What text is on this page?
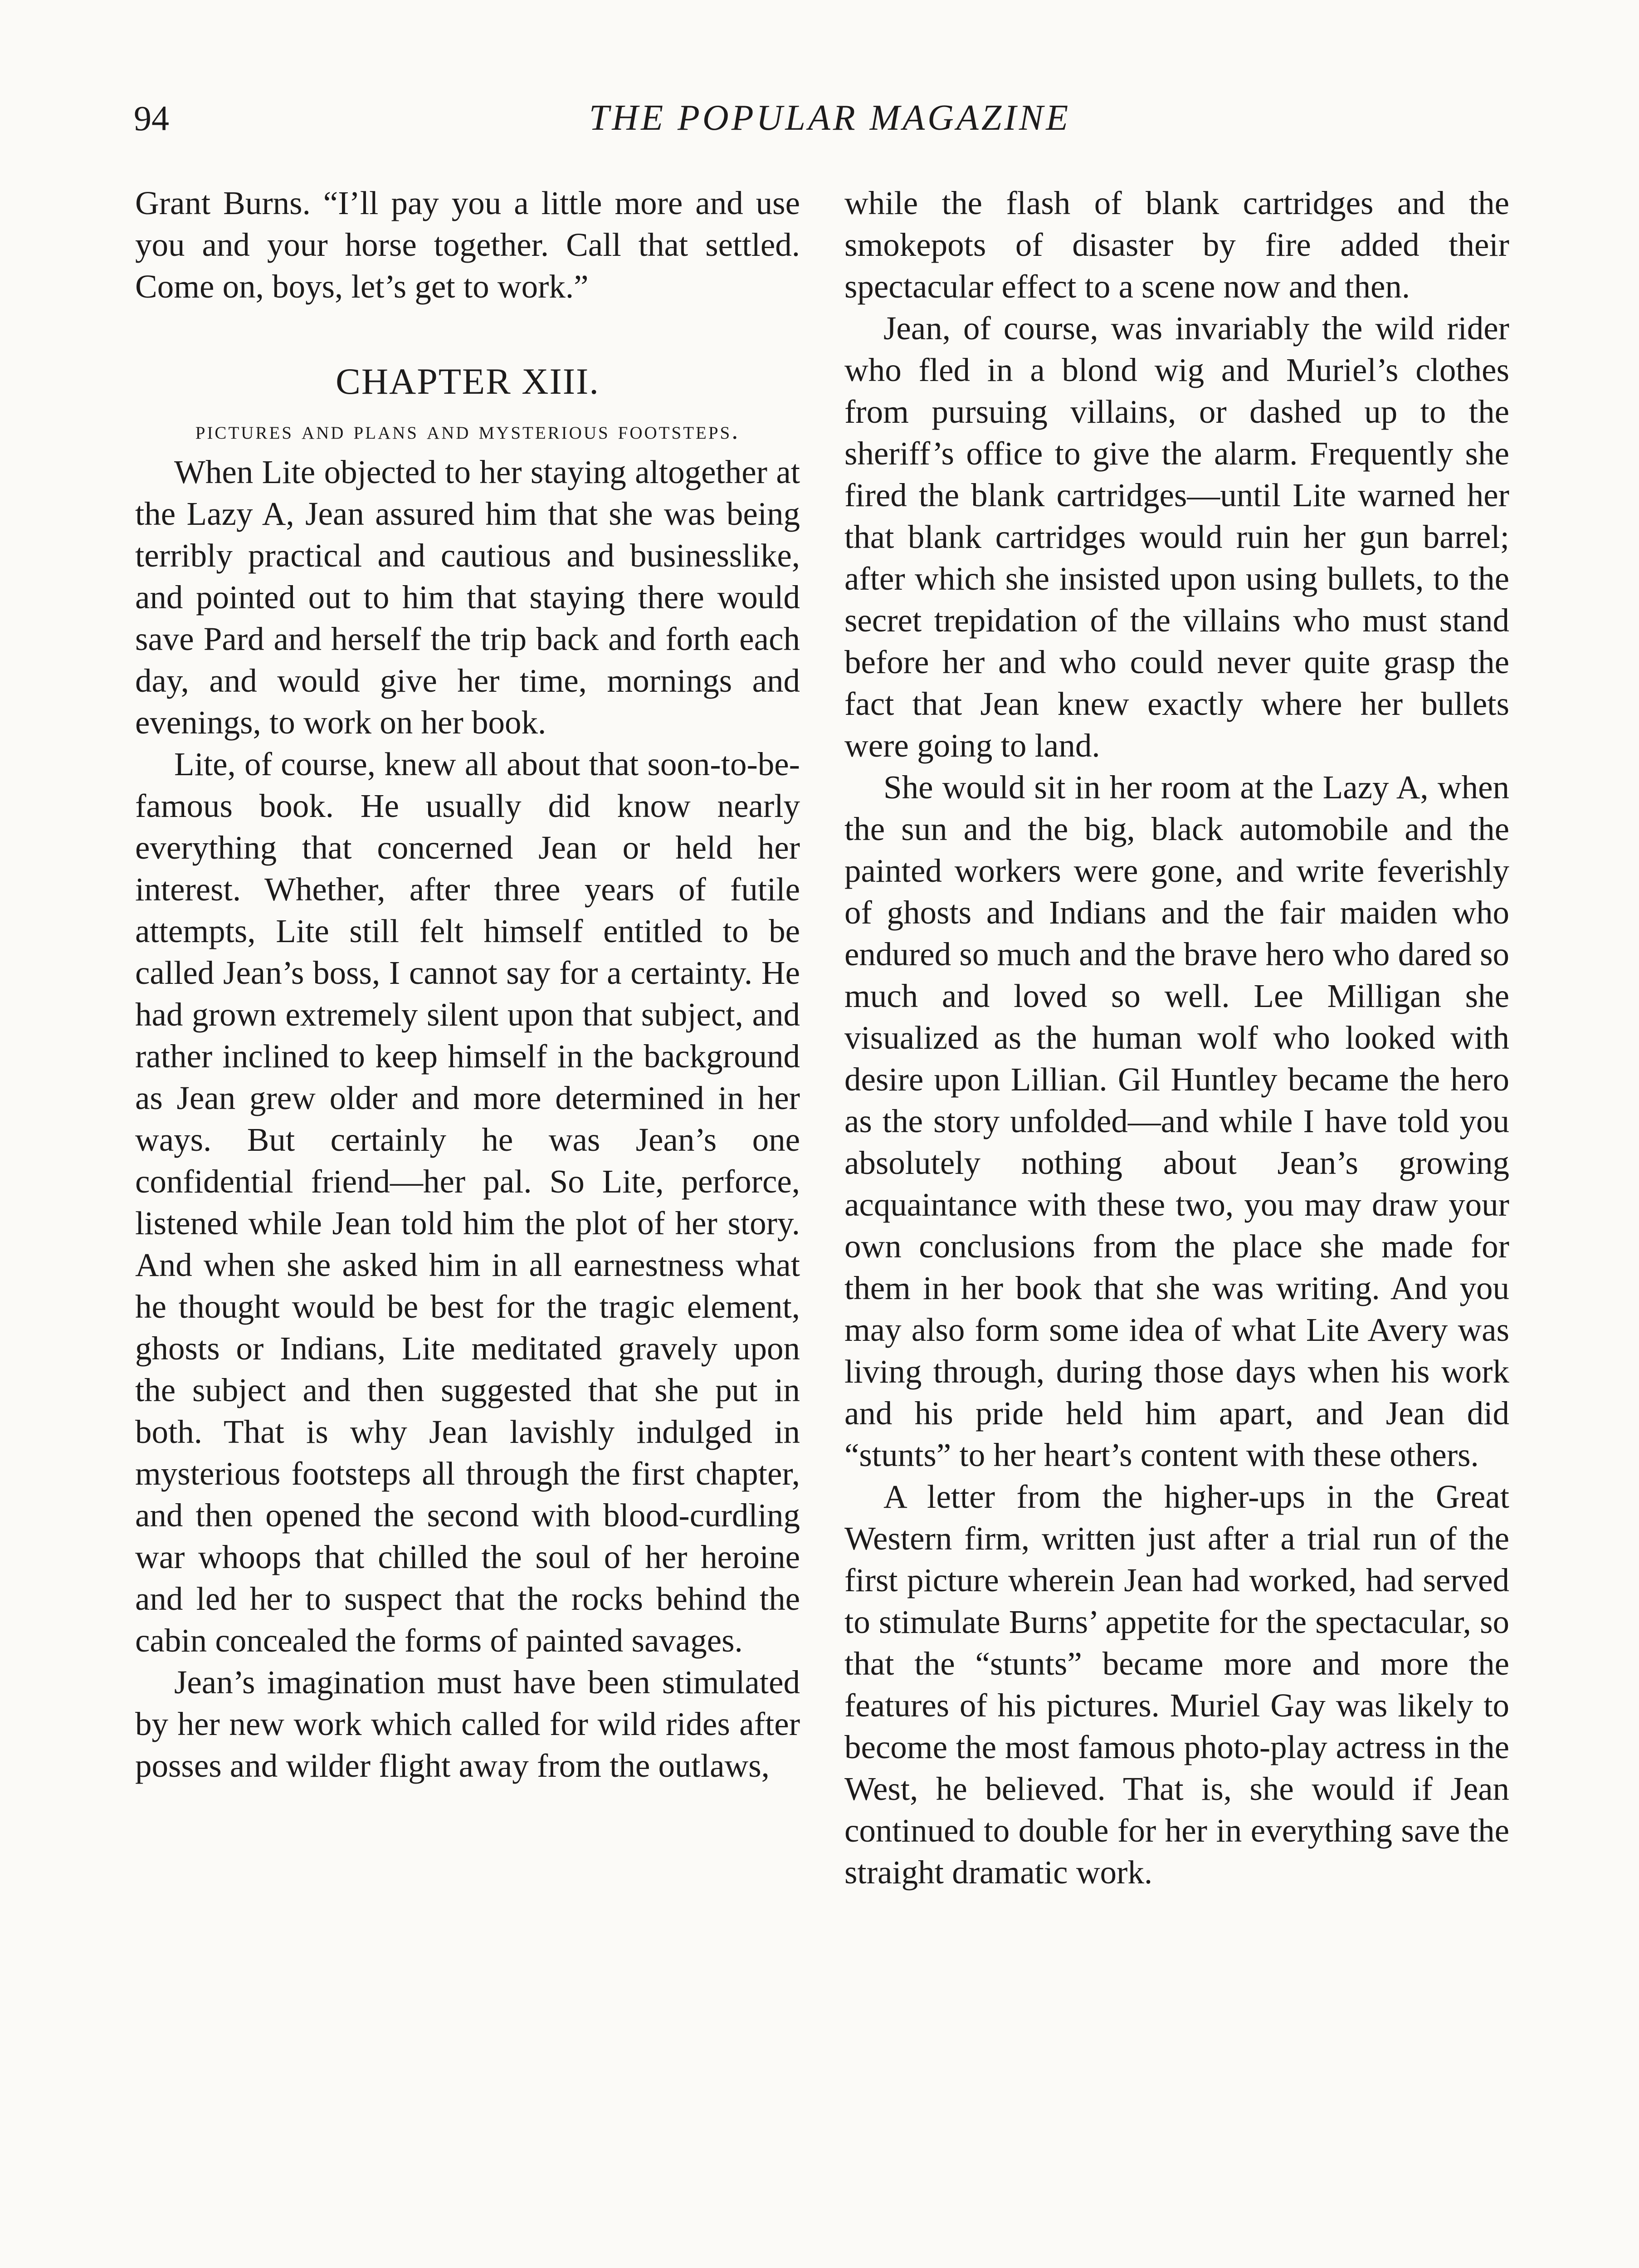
94	THE POPULAR MAGAZINE

Grant Burns. “I’ll pay you a little more and use you and your horse together. Call that settled. Come on, boys, let’s get to work.”

CHAPTER XIII.
pictures and plans and mysterious footsteps.

When Lite objected to her staying altogether at the Lazy A, Jean assured him that she was being terribly practical and cautious and businesslike, and pointed out to him that staying there would save Pard and herself the trip back and forth each day, and would give her time, mornings and evenings, to work on her book.

Lite, of course, knew all about that soon-to-be-famous book. He usually did know nearly everything that concerned Jean or held her interest. Whether, after three years of futile attempts, Lite still felt himself entitled to be called Jean’s boss, I cannot say for a certainty. He had grown extremely silent upon that subject, and rather inclined to keep himself in the background as Jean grew older and more determined in her ways. But certainly he was Jean’s one confidential friend—her pal. So Lite, perforce, listened while Jean told him the plot of her story. And when she asked him in all earnestness what he thought would be best for the tragic element, ghosts or Indians, Lite meditated gravely upon the subject and then suggested that she put in both. That is why Jean lavishly indulged in mysterious footsteps all through the first chapter, and then opened the second with blood-curdling war whoops that chilled the soul of her heroine and led her to suspect that the rocks behind the cabin concealed the forms of painted savages.

Jean’s imagination must have been stimulated by her new work which called for wild rides after posses and wilder flight away from the outlaws,

while the flash of blank cartridges and the smokepots of disaster by fire added their spectacular effect to a scene now and then.

Jean, of course, was invariably the wild rider who fled in a blond wig and Muriel’s clothes from pursuing villains, or dashed up to the sheriff’s office to give the alarm. Frequently she fired the blank cartridges—until Lite warned her that blank cartridges would ruin her gun barrel; after which she insisted upon using bullets, to the secret trepidation of the villains who must stand before her and who could never quite grasp the fact that Jean knew exactly where her bullets were going to land.

She would sit in her room at the Lazy A, when the sun and the big, black automobile and the painted workers were gone, and write feverishly of ghosts and Indians and the fair maiden who endured so much and the brave hero who dared so much and loved so well. Lee Milligan she visualized as the human wolf who looked with desire upon Lillian. Gil Huntley became the hero as the story unfolded—and while I have told you absolutely nothing about Jean’s growing acquaintance with these two, you may draw your own conclusions from the place she made for them in her book that she was writing. And you may also form some idea of what Lite Avery was living through, during those days when his work and his pride held him apart, and Jean did “stunts” to her heart’s content with these others.

A letter from the higher-ups in the Great Western firm, written just after a trial run of the first picture wherein Jean had worked, had served to stimulate Burns’ appetite for the spectacular, so that the “stunts” became more and more the features of his pictures. Muriel Gay was likely to become the most famous photo-play actress in the West, he believed. That is, she would if Jean continued to double for her in everything save the straight dramatic work.
